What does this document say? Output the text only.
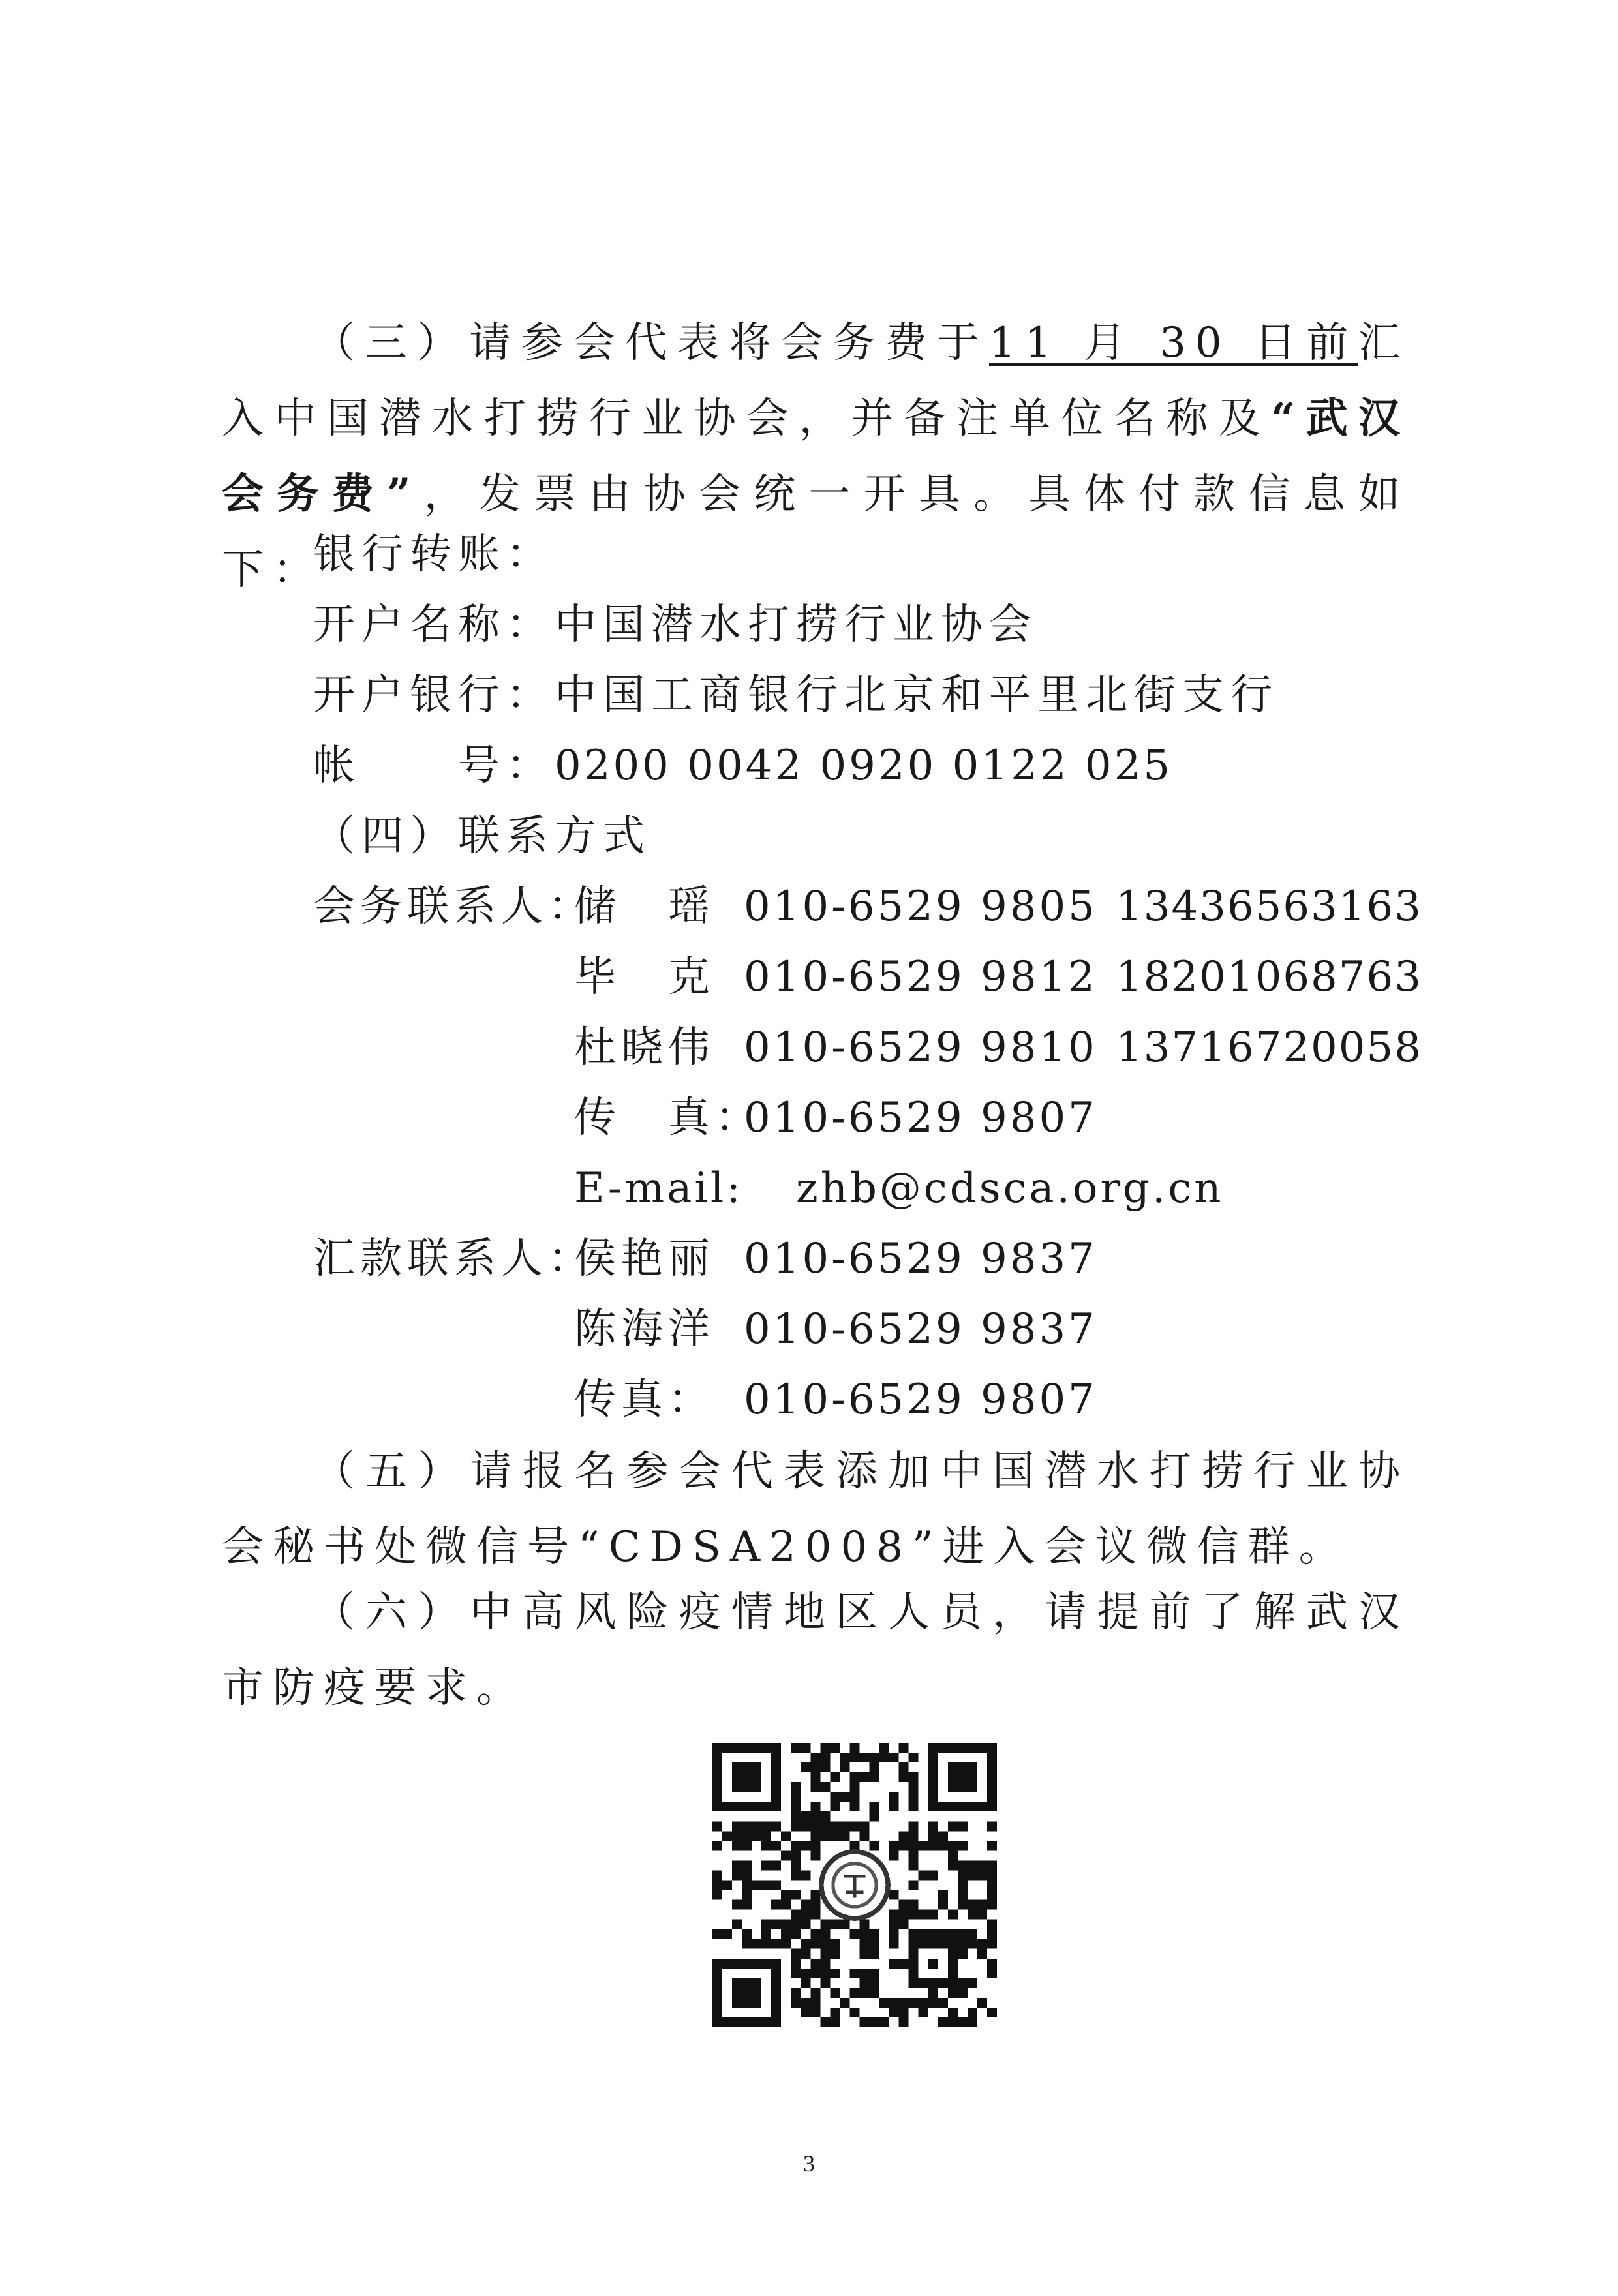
（三）请参会代表将会务费于11 月 30 日前汇入中国潜水打捞行业协会，并备注单位名称及“武汉会务费”，发票由协会统一开具。具体付款信息如下：

银行转账：
开户名称：中国潜水打捞行业协会
开户银行：中国工商银行北京和平里北街支行
帐　　号：0200 0042 0920 0122 025
（四）联系方式
会务联系人：
储　瑶 010-6529 9805 13436563163
毕　克 010-6529 9812 18201068763
杜晓伟 010-6529 9810 13716720058
传　真：
010-6529 9807
E-mail: zhb@cdsca.org.cn
汇款联系人：
侯艳丽 010-6529 9837
陈海洋 010-6529 9837
传真： 010-6529 9807

（五）请报名参会代表添加中国潜水打捞行业协会秘书处微信号“CDSA2008”进入会议微信群。

（六）中高风险疫情地区人员，请提前了解武汉市防疫要求。

3
